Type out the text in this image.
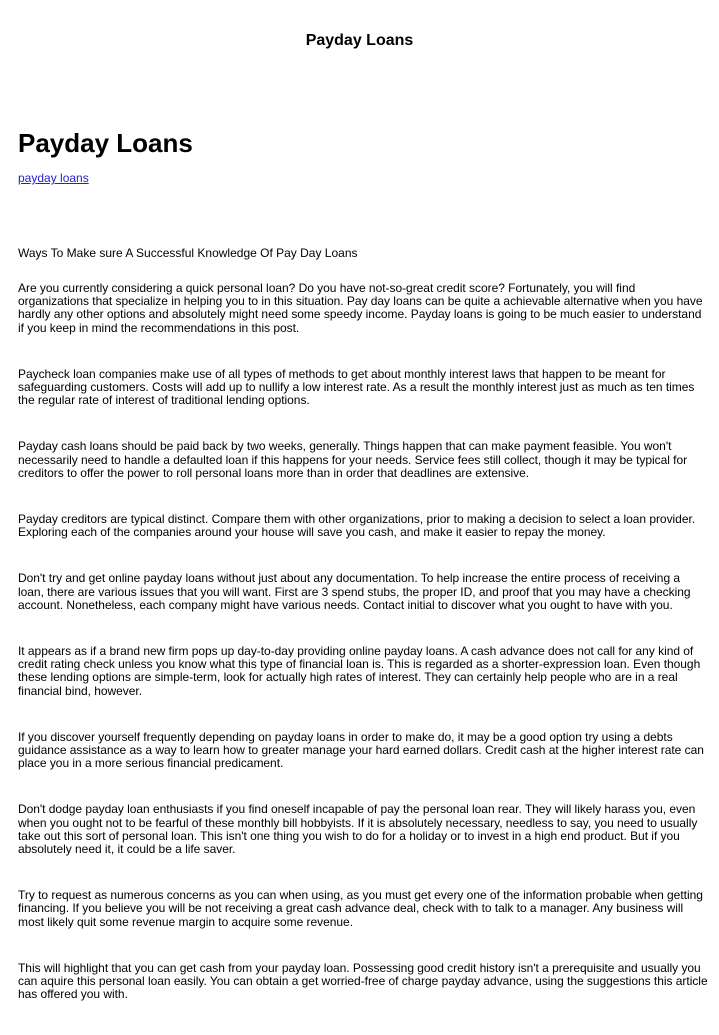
Payday Loans
Payday Loans
payday loans
Ways To Make sure A Successful Knowledge Of Pay Day Loans

Are you currently considering a quick personal loan? Do you have not-so-great credit score? Fortunately, you will find organizations that specialize in helping you to in this situation. Pay day loans can be quite a achievable alternative when you have hardly any other options and absolutely might need some speedy income. Payday loans is going to be much easier to understand if you keep in mind the recommendations in this post.

Paycheck loan companies make use of all types of methods to get about monthly interest laws that happen to be meant for safeguarding customers. Costs will add up to nullify a low interest rate. As a result the monthly interest just as much as ten times the regular rate of interest of traditional lending options.

Payday cash loans should be paid back by two weeks, generally. Things happen that can make payment feasible. You won't necessarily need to handle a defaulted loan if this happens for your needs. Service fees still collect, though it may be typical for creditors to offer the power to roll personal loans more than in order that deadlines are extensive.

Payday creditors are typical distinct. Compare them with other organizations, prior to making a decision to select a loan provider. Exploring each of the companies around your house will save you cash, and make it easier to repay the money.

Don't try and get online payday loans without just about any documentation. To help increase the entire process of receiving a loan, there are various issues that you will want. First are 3 spend stubs, the proper ID, and proof that you may have a checking account. Nonetheless, each company might have various needs. Contact initial to discover what you ought to have with you.

It appears as if a brand new firm pops up day-to-day providing online payday loans. A cash advance does not call for any kind of credit rating check unless you know what this type of financial loan is. This is regarded as a shorter-expression loan. Even though these lending options are simple-term, look for actually high rates of interest. They can certainly help people who are in a real financial bind, however.

If you discover yourself frequently depending on payday loans in order to make do, it may be a good option try using a debts guidance assistance as a way to learn how to greater manage your hard earned dollars. Credit cash at the higher interest rate can place you in a more serious financial predicament.

Don't dodge payday loan enthusiasts if you find oneself incapable of pay the personal loan rear. They will likely harass you, even when you ought not to be fearful of these monthly bill hobbyists. If it is absolutely necessary, needless to say, you need to usually take out this sort of personal loan. This isn't one thing you wish to do for a holiday or to invest in a high end product. But if you absolutely need it, it could be a life saver.

Try to request as numerous concerns as you can when using, as you must get every one of the information probable when getting financing. If you believe you will be not receiving a great cash advance deal, check with to talk to a manager. Any business will most likely quit some revenue margin to acquire some revenue.

This will highlight that you can get cash from your payday loan. Possessing good credit history isn't a prerequisite and usually you can aquire this personal loan easily. You can obtain a get worried-free of charge payday advance, using the suggestions this article has offered you with.
